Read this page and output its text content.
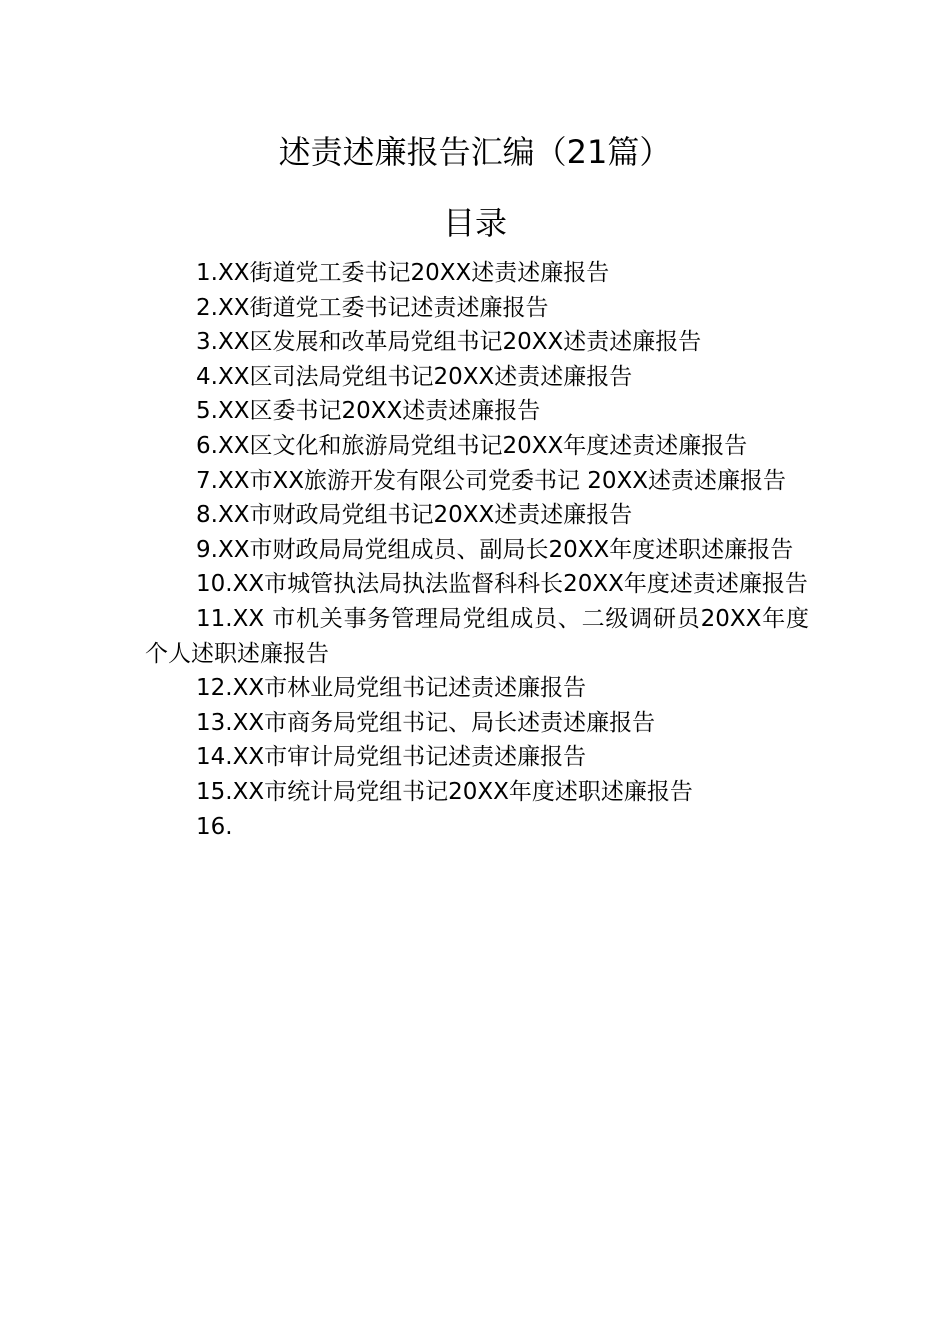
述责述廉报告汇编（21篇）
目录
1.XX街道党工委书记20XX述责述廉报告
2.XX街道党工委书记述责述廉报告
3.XX区发展和改革局党组书记20XX述责述廉报告
4.XX区司法局党组书记20XX述责述廉报告
5.XX区委书记20XX述责述廉报告
6.XX区文化和旅游局党组书记20XX年度述责述廉报告
7.XX市XX旅游开发有限公司党委书记 20XX述责述廉报告
8.XX市财政局党组书记20XX述责述廉报告
9.XX市财政局局党组成员、副局长20XX年度述职述廉报告
10.XX市城管执法局执法监督科科长20XX年度述责述廉报告
11.XX 市机关事务管理局党组成员、二级调研员20XX年度个人述职述廉报告
12.XX市林业局党组书记述责述廉报告
13.XX市商务局党组书记、局长述责述廉报告
14.XX市审计局党组书记述责述廉报告
15.XX市统计局党组书记20XX年度述职述廉报告
16.
